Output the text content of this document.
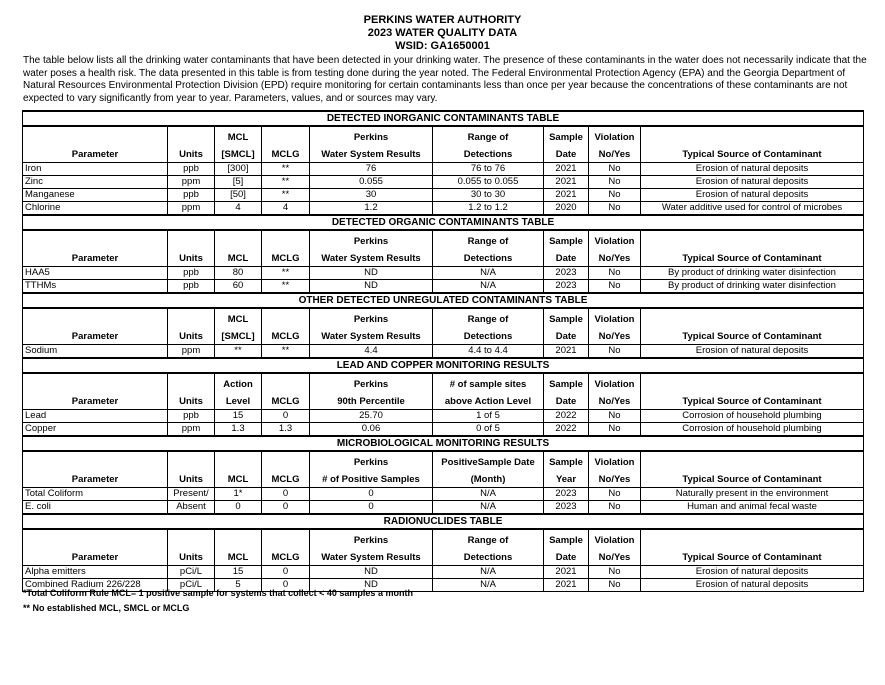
PERKINS WATER AUTHORITY
2023 WATER QUALITY DATA
WSID: GA1650001
The table below lists all the drinking water contaminants that have been detected in your drinking water. The presence of these contaminants in the water does not necessarily indicate that the water poses a health risk. The data presented in this table is from testing done during the year noted. The Federal Environmental Protection Agency (EPA) and the Georgia Department of Natural Resources Environmental Protection Division (EPD) require monitoring for certain contaminants less than once per year because the concentrations of these contaminants are not expected to vary significantly from year to year. Parameters, values, and or sources may vary.
DETECTED INORGANIC CONTAMINANTS TABLE								
		MCL		Perkins	Range of	Sample	Violation	
Parameter	Units	[SMCL]	MCLG	Water System Results	Detections	Date	No/Yes	Typical Source of Contaminant
Iron	ppb	[300]	**	76	76 to 76	2021	No	Erosion of natural deposits
Zinc	ppm	[5]	**	0.055	0.055 to 0.055	2021	No	Erosion of natural deposits
Manganese	ppb	[50]	**	30	30 to 30	2021	No	Erosion of natural deposits
Chlorine	ppm	4	4	1.2	1.2 to 1.2	2020	No	Water additive used for control of microbes
DETECTED ORGANIC CONTAMINANTS TABLE								
				Perkins	Range of	Sample	Violation	
Parameter	Units	MCL	MCLG	Water System Results	Detections	Date	No/Yes	Typical Source of Contaminant
HAA5	ppb	80	**	ND	N/A	2023	No	By product of drinking water disinfection
TTHMs	ppb	60	**	ND	N/A	2023	No	By product of drinking water disinfection
OTHER DETECTED UNREGULATED CONTAMINANTS TABLE								
		MCL		Perkins	Range of	Sample	Violation	
Parameter	Units	[SMCL]	MCLG	Water System Results	Detections	Date	No/Yes	Typical Source of Contaminant
Sodium	ppm	**	**	4.4	4.4 to 4.4	2021	No	Erosion of natural deposits
LEAD AND COPPER MONITORING RESULTS								
		Action		Perkins	# of sample sites	Sample	Violation	
Parameter	Units	Level	MCLG	90th Percentile	above Action Level	Date	No/Yes	Typical Source of Contaminant
Lead	ppb	15	0	25.70	1 of 5	2022	No	Corrosion of household plumbing
Copper	ppm	1.3	1.3	0.06	0 of 5	2022	No	Corrosion of household plumbing
MICROBIOLOGICAL MONITORING RESULTS								
				Perkins	PositiveSample Date	Sample	Violation	
Parameter	Units	MCL	MCLG	# of Positive Samples	(Month)	Year	No/Yes	Typical Source of Contaminant
Total Coliform	Present/	1*	0	0	N/A	2023	No	Naturally present in the environment
E. coli	Absent	0	0	0	N/A	2023	No	Human and animal fecal waste
RADIONUCLIDES TABLE								
				Perkins	Range of	Sample	Violation	
Parameter	Units	MCL	MCLG	Water System Results	Detections	Date	No/Yes	Typical Source of Contaminant
Alpha emitters	pCi/L	15	0	ND	N/A	2021	No	Erosion of natural deposits
Combined Radium 226/228	pCi/L	5	0	ND	N/A	2021	No	Erosion of natural deposits
*Total Coliform Rule MCL= 1 positive sample for systems that collect < 40 samples a month
** No established MCL, SMCL or MCLG
